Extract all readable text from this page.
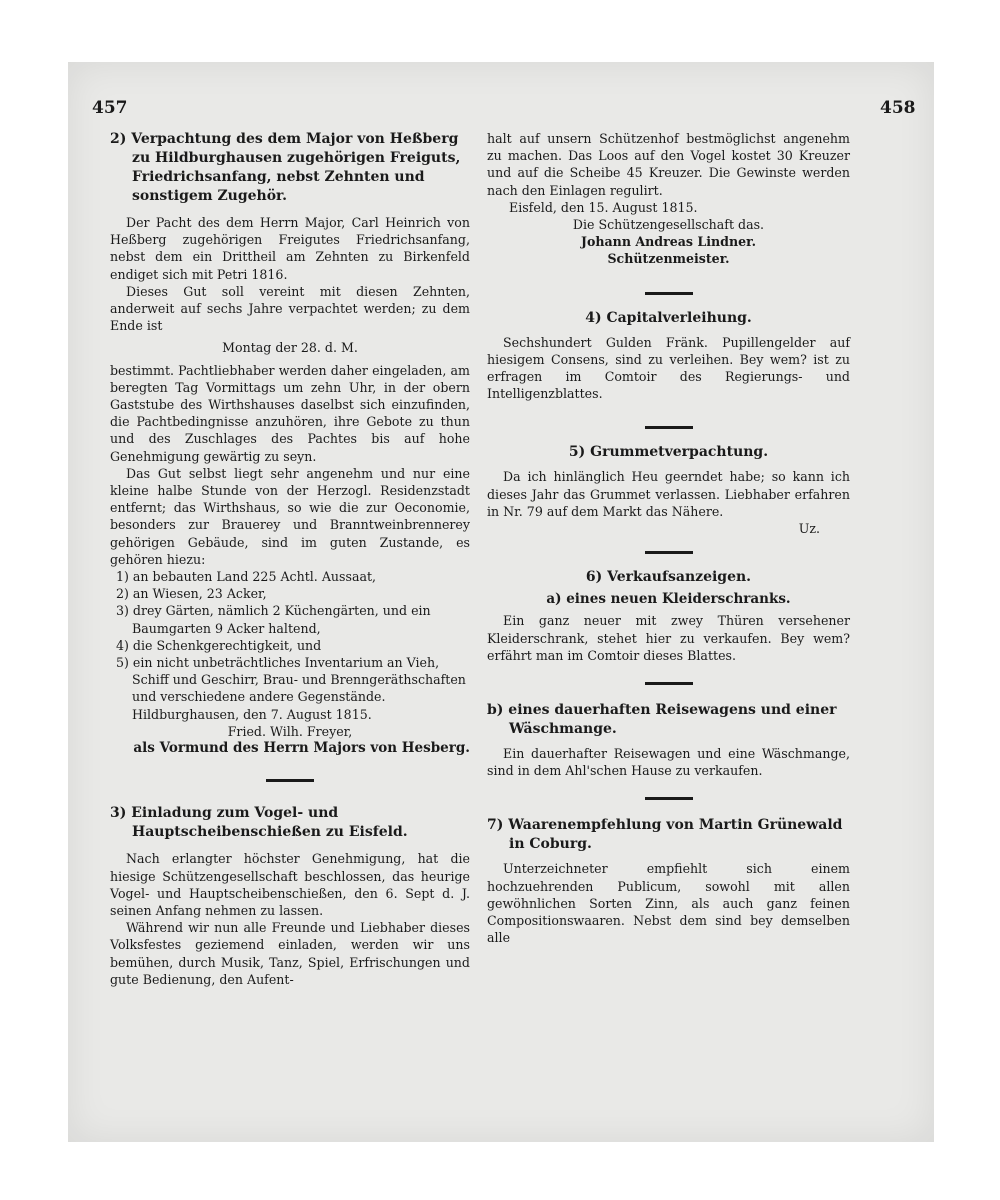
457	458

2) Verpachtung des dem Major von Heßberg zu Hildburghausen zugehörigen Freiguts, Friedrichsanfang, nebst Zehnten und sonstigem Zugehör.

Der Pacht des dem Herrn Major, Carl Heinrich von Heßberg zugehörigen Freigutes Friedrichsanfang, nebst dem ein Drittheil am Zehnten zu Birkenfeld endiget sich mit Petri 1816.

Dieses Gut soll vereint mit diesen Zehnten, anderweit auf sechs Jahre verpachtet werden; zu dem Ende ist

Montag der 28. d. M.

bestimmt. Pachtliebhaber werden daher eingeladen, am beregten Tag Vormittags um zehn Uhr, in der obern Gaststube des Wirthshauses daselbst sich einzufinden, die Pachtbedingnisse anzuhören, ihre Gebote zu thun und des Zuschlages des Pachtes bis auf hohe Genehmigung gewärtig zu seyn.

Das Gut selbst liegt sehr angenehm und nur eine kleine halbe Stunde von der Herzogl. Residenzstadt entfernt; das Wirthshaus, so wie die zur Oeconomie, besonders zur Brauerey und Branntweinbrennerey gehörigen Gebäude, sind im guten Zustande, es gehören hiezu:

1) an bebauten Land 225 Achtl. Aussaat,
2) an Wiesen, 23 Acker,
3) drey Gärten, nämlich 2 Küchengärten, und ein Baumgarten 9 Acker haltend,
4) die Schenkgerechtigkeit, und
5) ein nicht unbeträchtliches Inventarium an Vieh, Schiff und Geschirr, Brau- und Brenngeräthschaften und verschiedene andere Gegenstände.

Hildburghausen, den 7. August 1815.

Fried. Wilh. Freyer,

als Vormund des Herrn Majors von Hesberg.

3) Einladung zum Vogel- und Hauptscheibenschießen zu Eisfeld.

Nach erlangter höchster Genehmigung, hat die hiesige Schützengesellschaft beschlossen, das heurige Vogel- und Hauptscheibenschießen, den 6. Sept d. J. seinen Anfang nehmen zu lassen.

Während wir nun alle Freunde und Liebhaber dieses Volksfestes geziemend einladen, werden wir uns bemühen, durch Musik, Tanz, Spiel, Erfrischungen und gute Bedienung, den Aufent-

halt auf unsern Schützenhof bestmöglichst angenehm zu machen. Das Loos auf den Vogel kostet 30 Kreuzer und auf die Scheibe 45 Kreuzer. Die Gewinste werden nach den Einlagen regulirt.

Eisfeld, den 15. August 1815.

Die Schützengesellschaft das.

Johann Andreas Lindner.

Schützenmeister.

4) Capitalverleihung.

Sechshundert Gulden Fränk. Pupillengelder auf hiesigem Consens, sind zu verleihen. Bey wem? ist zu erfragen im Comtoir des Regierungs- und Intelligenzblattes.

5) Grummetverpachtung.

Da ich hinlänglich Heu geerndet habe; so kann ich dieses Jahr das Grummet verlassen. Liebhaber erfahren in Nr. 79 auf dem Markt das Nähere.

Uz.

6) Verkaufsanzeigen.

a) eines neuen Kleiderschranks.

Ein ganz neuer mit zwey Thüren versehener Kleiderschrank, stehet hier zu verkaufen. Bey wem? erfährt man im Comtoir dieses Blattes.

b) eines dauerhaften Reisewagens und einer Wäschmange.

Ein dauerhafter Reisewagen und eine Wäschmange, sind in dem Ahl'schen Hause zu verkaufen.

7) Waarenempfehlung von Martin Grünewald in Coburg.

Unterzeichneter empfiehlt sich einem hochzuehrenden Publicum, sowohl mit allen gewöhnlichen Sorten Zinn, als auch ganz feinen Compositionswaaren. Nebst dem sind bey demselben alle
